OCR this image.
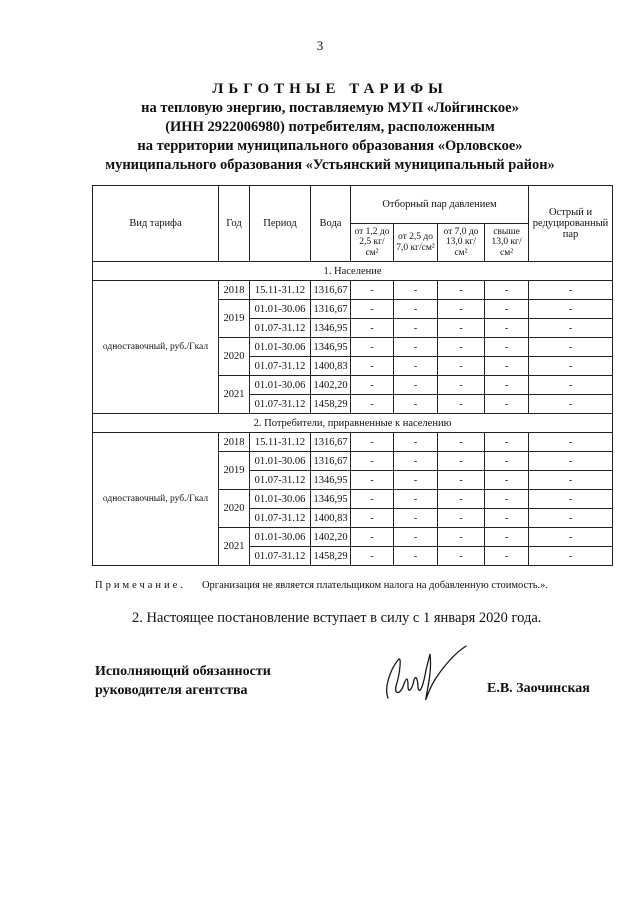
3
ЛЬГОТНЫЕ ТАРИФЫ
на тепловую энергию, поставляемую МУП «Лойгинское»
(ИНН 2922006980) потребителям, расположенным
на территории муниципального образования «Орловское»
муниципального образования «Устьянский муниципальный район»
Вид тарифа	Год	Период	Вода	Отборный пар давлением				Острый и редуцированный пар
				от 1,2 до 2,5 кг/см²	от 2,5 до 7,0 кг/см²	от 7,0 до 13,0 кг/см²	свыше 13,0 кг/см²	
1. Население								
одноставочный, руб./Гкал	2018	15.11-31.12	1316,67	-	-	-	-	-
	2019	01.01-30.06	1316,67	-	-	-	-	-
		01.07-31.12	1346,95	-	-	-	-	-
	2020	01.01-30.06	1346,95	-	-	-	-	-
		01.07-31.12	1400,83	-	-	-	-	-
	2021	01.01-30.06	1402,20	-	-	-	-	-
		01.07-31.12	1458,29	-	-	-	-	-
2. Потребители, приравненные к населению								
одноставочный, руб./Гкал	2018	15.11-31.12	1316,67	-	-	-	-	-
	2019	01.01-30.06	1316,67	-	-	-	-	-
		01.07-31.12	1346,95	-	-	-	-	-
	2020	01.01-30.06	1346,95	-	-	-	-	-
		01.07-31.12	1400,83	-	-	-	-	-
	2021	01.01-30.06	1402,20	-	-	-	-	-
		01.07-31.12	1458,29	-	-	-	-	-
Примечание. Организация не является плательщиком налога на добавленную стоимость.».
2. Настоящее постановление вступает в силу с 1 января 2020 года.
Исполняющий обязанности
руководителя агентства	Е.В. Заочинская
